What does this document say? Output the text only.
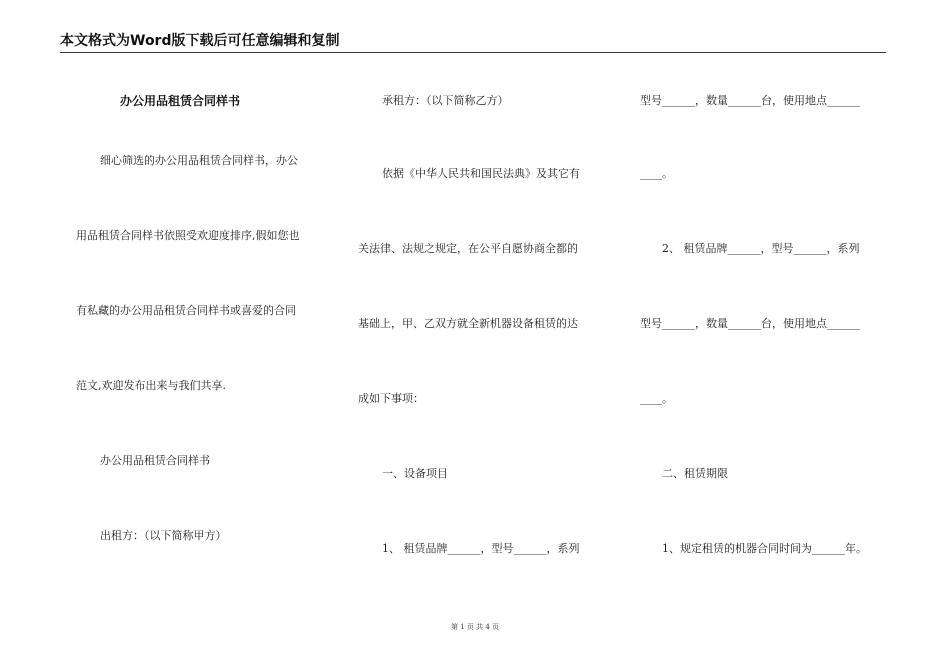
本文格式为Word版下载后可任意编辑和复制
办公用品租赁合同样书
细心筛选的办公用品租赁合同样书，办公
用品租赁合同样书依照受欢迎度排序,假如您也
有私藏的办公用品租赁合同样书或喜爱的合同
范文,欢迎发布出来与我们共享.
办公用品租赁合同样书
出租方：（以下简称甲方）
承租方：（以下简称乙方）
依据《中华人民共和国民法典》及其它有
关法律、法规之规定，在公平自愿协商全都的
基础上，甲、乙双方就全新机器设备租赁的达
成如下事项：
一、设备项目
1、 租赁品牌______，型号______，系列
型号______，数量______台，使用地点______
____。
2、 租赁品牌______，型号______，系列
型号______，数量______台，使用地点______
____。
二、租赁期限
1、规定租赁的机器合同时间为______年。
第 1 页 共 4 页
